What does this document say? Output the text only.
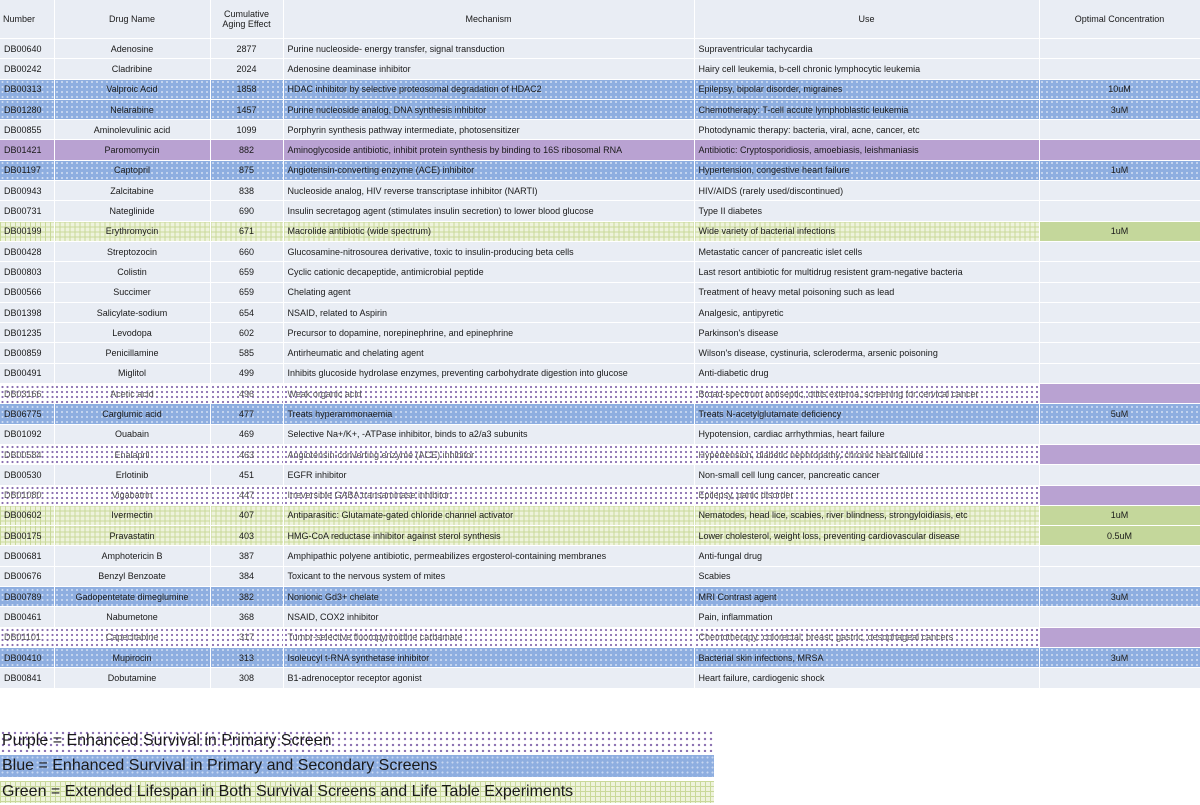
Number	Drug Name	Cumulative Aging Effect	Mechanism	Use	Optimal Concentration
DB00640	Adenosine	2877	Purine nucleoside- energy transfer, signal transduction	Supraventricular tachycardia	
DB00242	Cladribine	2024	Adenosine deaminase inhibitor	Hairy cell leukemia, b-cell chronic lymphocytic leukemia	
DB00313	Valproic Acid	1858	HDAC inhibitor by selective proteosomal degradation of HDAC2	Epilepsy, bipolar disorder, migraines	10uM
DB01280	Nelarabine	1457	Purine nucleoside analog, DNA synthesis inhibitor	Chemotherapy: T-cell accute lymphoblastic leukemia	3uM
DB00855	Aminolevulinic acid	1099	Porphyrin synthesis pathway intermediate, photosensitizer	Photodynamic therapy: bacteria, viral, acne, cancer, etc	
DB01421	Paromomycin	882	Aminoglycoside antibiotic, inhibit protein synthesis by binding to 16S ribosomal RNA	Antibiotic: Cryptosporidiosis, amoebiasis, leishmaniasis	
DB01197	Captopril	875	Angiotensin-converting enzyme (ACE) inhibitor	Hypertension, congestive heart failure	1uM
DB00943	Zalcitabine	838	Nucleoside analog, HIV reverse transcriptase inhibitor (NARTI)	HIV/AIDS (rarely used/discontinued)	
DB00731	Nateglinide	690	Insulin secretagog agent (stimulates insulin secretion) to lower blood glucose	Type II diabetes	
DB00199	Erythromycin	671	Macrolide antibiotic (wide spectrum)	Wide variety of bacterial infections	1uM
DB00428	Streptozocin	660	Glucosamine-nitrosourea derivative, toxic to insulin-producing beta cells	Metastatic cancer of pancreatic islet cells	
DB00803	Colistin	659	Cyclic cationic decapeptide, antimicrobial peptide	Last resort antibiotic for multidrug resistent gram-negative bacteria	
DB00566	Succimer	659	Chelating agent	Treatment of heavy metal poisoning such as lead	
DB01398	Salicylate-sodium	654	NSAID, related to Aspirin	Analgesic, antipyretic	
DB01235	Levodopa	602	Precursor to dopamine, norepinephrine, and epinephrine	Parkinson's disease	
DB00859	Penicillamine	585	Antirheumatic and chelating agent	Wilson's disease, cystinuria, scleroderma, arsenic poisoning	
DB00491	Miglitol	499	Inhibits glucoside hydrolase enzymes, preventing carbohydrate digestion into glucose	Anti-diabetic drug	
DB03166	Acetic acid	496	Weak organic acid	Broad-spectrum antiseptic, otitis externa, screening for cervical cancer	
DB06775	Carglumic acid	477	Treats hyperammonaemia	Treats N-acetylglutamate deficiency	5uM
DB01092	Ouabain	469	Selective Na+/K+, -ATPase inhibitor, binds to a2/a3 subunits	Hypotension, cardiac arrhythmias, heart failure	
DB00584	Enalapril	463	Angiotensin-converting enzyme (ACE) inhibitor	Hypertension, diabetic nephropathy, chronic heart failure	
DB00530	Erlotinib	451	EGFR inhibitor	Non-small cell lung cancer, pancreatic cancer	
DB01080	Vigabatrin	447	Irreversible GABA transaminase inhibitor	Epilepsy, panic disorder	
DB00602	Ivermectin	407	Antiparasitic: Glutamate-gated chloride channel activator	Nematodes, head lice, scabies, river blindness, strongyloidiasis, etc	1uM
DB00175	Pravastatin	403	HMG-CoA reductase inhibitor against sterol synthesis	Lower cholesterol, weight loss, preventing cardiovascular disease	0.5uM
DB00681	Amphotericin B	387	Amphipathic polyene antibiotic, permeabilizes ergosterol-containing membranes	Anti-fungal drug	
DB00676	Benzyl Benzoate	384	Toxicant to the nervous system of mites	Scabies	
DB00789	Gadopentetate dimeglumine	382	Nonionic Gd3+ chelate	MRI Contrast agent	3uM
DB00461	Nabumetone	368	NSAID, COX2 inhibitor	Pain, inflammation	
DB01101	Capecitabine	317	Tumor-selective fluoropyrimidine carbamate	Chemotherapy: colorectal, breast, gastric, oesophageal cancers	
DB00410	Mupirocin	313	Isoleucyl t-RNA synthetase inhibitor	Bacterial skin infections, MRSA	3uM
DB00841	Dobutamine	308	B1-adrenoceptor receptor agonist	Heart failure, cardiogenic shock	
Purple = Enhanced Survival in Primary Screen
Blue = Enhanced Survival in Primary and Secondary Screens
Green = Extended Lifespan in Both Survival Screens and Life Table Experiments
